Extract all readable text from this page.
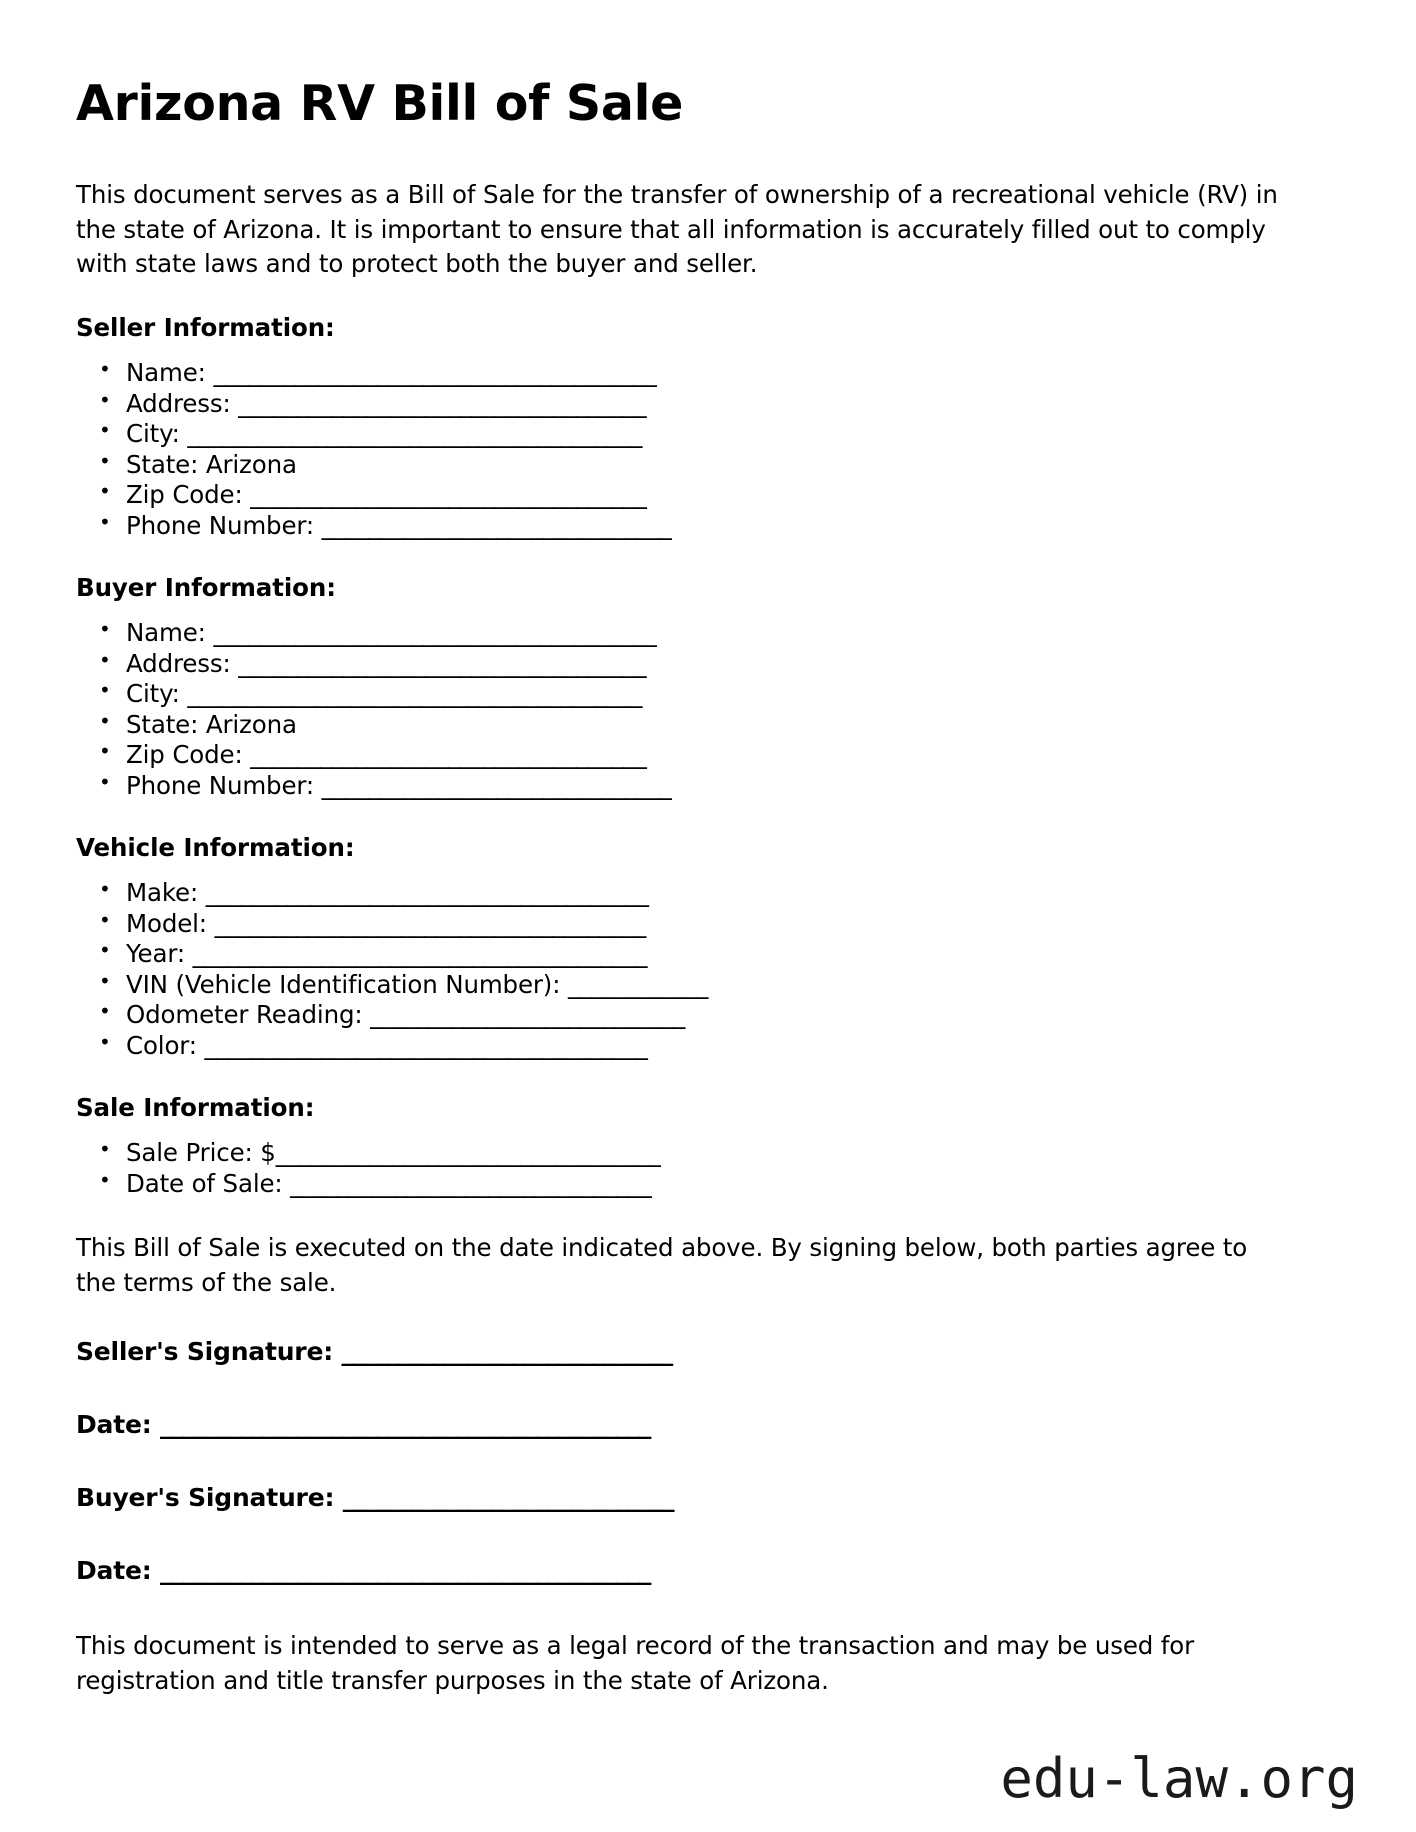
Arizona RV Bill of Sale

This document serves as a Bill of Sale for the transfer of ownership of a recreational vehicle (RV) in the state of Arizona. It is important to ensure that all information is accurately filled out to comply with state laws and to protect both the buyer and seller.

Seller Information:
• Name: ______________________________________
• Address: ___________________________________
• City: _______________________________________
• State: Arizona
• Zip Code: __________________________________
• Phone Number: ______________________________
Buyer Information:
• Name: ______________________________________
• Address: ___________________________________
• City: _______________________________________
• State: Arizona
• Zip Code: __________________________________
• Phone Number: ______________________________
Vehicle Information:
• Make: ______________________________________
• Model: _____________________________________
• Year: _______________________________________
• VIN (Vehicle Identification Number): ____________
• Odometer Reading: ___________________________
• Color: ______________________________________
Sale Information:
• Sale Price: $_________________________________
• Date of Sale: _______________________________

This Bill of Sale is executed on the date indicated above. By signing below, both parties agree to the terms of the sale.

Seller's Signature: _____________________________
Date: ___________________________________________
Buyer's Signature: _____________________________
Date: ___________________________________________

This document is intended to serve as a legal record of the transaction and may be used for registration and title transfer purposes in the state of Arizona.

edu-law.org
